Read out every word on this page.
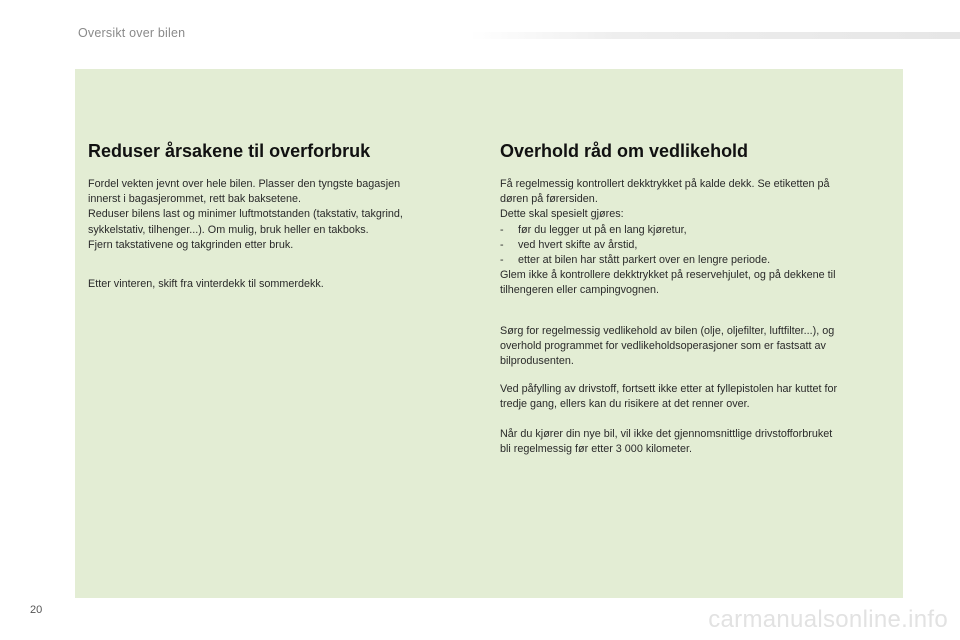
Oversikt over bilen
Reduser årsakene til overforbruk
Fordel vekten jevnt over hele bilen. Plasser den tyngste bagasjen
innerst i bagasjerommet, rett bak baksetene.
Reduser bilens last og minimer luftmotstanden (takstativ, takgrind,
sykkelstativ, tilhenger...). Om mulig, bruk heller en takboks.
Fjern takstativene og takgrinden etter bruk.
Etter vinteren, skift fra vinterdekk til sommerdekk.
Overhold råd om vedlikehold
Få regelmessig kontrollert dekktrykket på kalde dekk. Se etiketten på
døren på førersiden.
Dette skal spesielt gjøres:
- før du legger ut på en lang kjøretur,
- ved hvert skifte av årstid,
- etter at bilen har stått parkert over en lengre periode.
Glem ikke å kontrollere dekktrykket på reservehjulet, og på dekkene til
tilhengeren eller campingvognen.
Sørg for regelmessig vedlikehold av bilen (olje, oljefilter, luftfilter...), og
overhold programmet for vedlikeholdsoperasjoner som er fastsatt av
bilprodusenten.
Ved påfylling av drivstoff, fortsett ikke etter at fyllepistolen har kuttet for
tredje gang, ellers kan du risikere at det renner over.
Når du kjører din nye bil, vil ikke det gjennomsnittlige drivstofforbruket
bli regelmessig før etter 3 000 kilometer.
20	carmanualsonline.info
